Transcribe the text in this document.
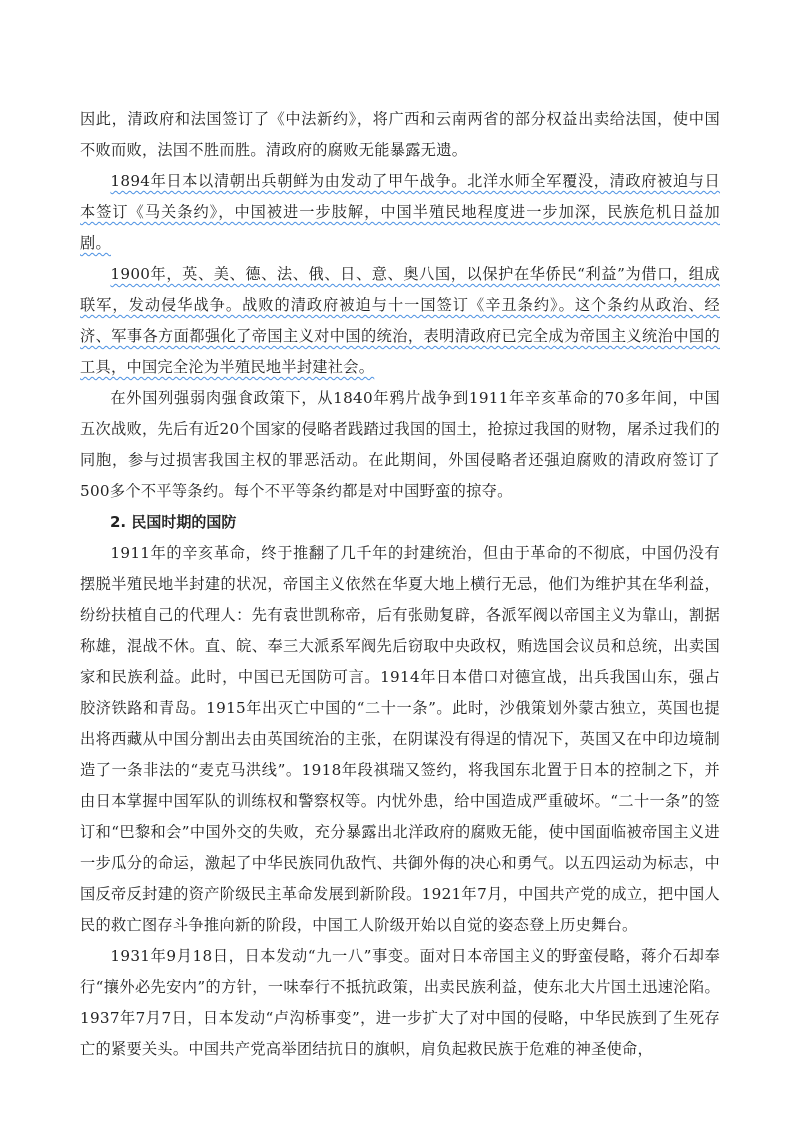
因此，清政府和法国签订了《中法新约》，将广西和云南两省的部分权益出卖给法国，使中国不败而败，法国不胜而胜。清政府的腐败无能暴露无遗。

1894年日本以清朝出兵朝鲜为由发动了甲午战争。北洋水师全军覆没，清政府被迫与日本签订《马关条约》，中国被进一步肢解，中国半殖民地程度进一步加深，民族危机日益加剧。

1900年，英、美、德、法、俄、日、意、奥八国，以保护在华侨民“利益”为借口，组成联军，发动侵华战争。战败的清政府被迫与十一国签订《辛丑条约》。这个条约从政治、经济、军事各方面都强化了帝国主义对中国的统治，表明清政府已完全成为帝国主义统治中国的工具，中国完全沦为半殖民地半封建社会。

在外国列强弱肉强食政策下，从1840年鸦片战争到1911年辛亥革命的70多年间，中国五次战败，先后有近20个国家的侵略者践踏过我国的国土，抢掠过我国的财物，屠杀过我们的同胞，参与过损害我国主权的罪恶活动。在此期间，外国侵略者还强迫腐败的清政府签订了500多个不平等条约。每个不平等条约都是对中国野蛮的掠夺。

2. 民国时期的国防

1911年的辛亥革命，终于推翻了几千年的封建统治，但由于革命的不彻底，中国仍没有摆脱半殖民地半封建的状况，帝国主义依然在华夏大地上横行无忌，他们为维护其在华利益，纷纷扶植自己的代理人：先有袁世凯称帝，后有张勋复辟，各派军阀以帝国主义为靠山，割据称雄，混战不休。直、皖、奉三大派系军阀先后窃取中央政权，贿选国会议员和总统，出卖国家和民族利益。此时，中国已无国防可言。1914年日本借口对德宣战，出兵我国山东，强占胶济铁路和青岛。1915年出灭亡中国的“二十一条”。此时，沙俄策划外蒙古独立，英国也提出将西藏从中国分割出去由英国统治的主张，在阴谋没有得逞的情况下，英国又在中印边境制造了一条非法的“麦克马洪线”。1918年段祺瑞又签约，将我国东北置于日本的控制之下，并由日本掌握中国军队的训练权和警察权等。内忧外患，给中国造成严重破坏。“二十一条”的签订和“巴黎和会”中国外交的失败，充分暴露出北洋政府的腐败无能，使中国面临被帝国主义进一步瓜分的命运，激起了中华民族同仇敌忾、共御外侮的决心和勇气。以五四运动为标志，中国反帝反封建的资产阶级民主革命发展到新阶段。1921年7月，中国共产党的成立，把中国人民的救亡图存斗争推向新的阶段，中国工人阶级开始以自觉的姿态登上历史舞台。

1931年9月18日，日本发动“九一八”事变。面对日本帝国主义的野蛮侵略，蒋介石却奉行“攘外必先安内”的方针，一味奉行不抵抗政策，出卖民族利益，使东北大片国土迅速沦陷。1937年7月7日，日本发动“卢沟桥事变”，进一步扩大了对中国的侵略，中华民族到了生死存亡的紧要关头。中国共产党高举团结抗日的旗帜，肩负起救民族于危难的神圣使命，
